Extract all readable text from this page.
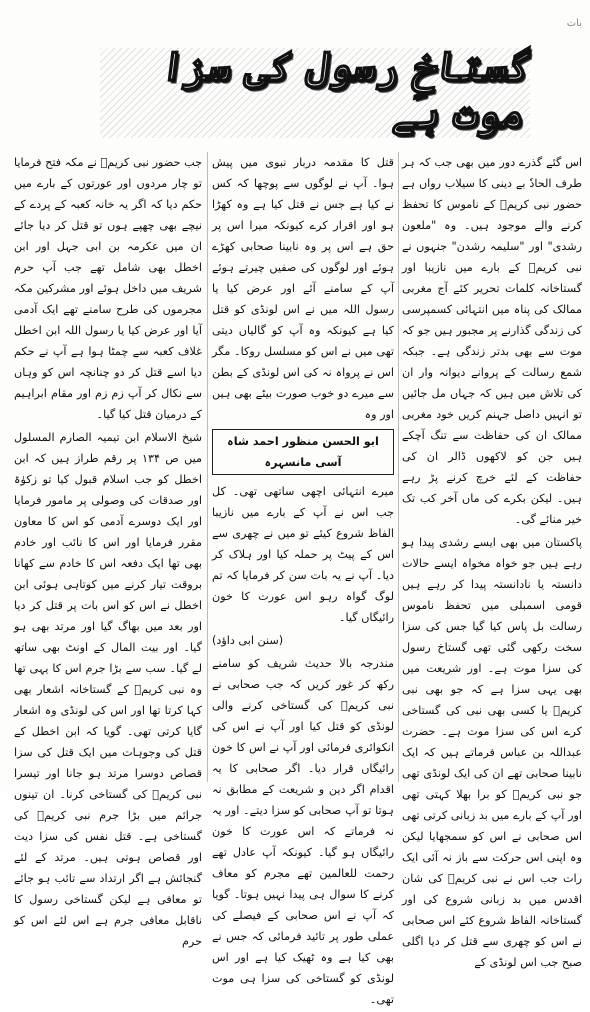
بات
گستاخِ رسول کی سزا موت ہے

اس گئے گذرے دور میں بھی جب کہ ہر طرف الحادٗ بے دینی کا سیلاب رواں ہے حضور نبی کریمؐ کے ناموس کا تحفظ کرنے والے موجود ہیں۔ وہ "ملعون رشدی" اور "سلیمہ رشدن" جنہوں نے نبی کریمؐ کے بارے میں نازیبا اور گستاخانہ کلمات تحریر کئے آج مغربی ممالک کی پناہ میں انتہائی کسمپرسی کی زندگی گذارنے پر مجبور ہیں جو کہ موت سے بھی بدتر زندگی ہے۔ جبکہ شمع رسالت کے پروانے دیوانہ وار ان کی تلاش میں ہیں کہ جہاں مل جائیں تو انہیں داصل جہنم کریں خود مغربی ممالک ان کی حفاظت سے تنگ آچکے ہیں جن کو لاکھوں ڈالر ان کی حفاظت کے لئے خرچ کرنے پڑ رہے ہیں۔ لیکن بکرے کی ماں آخر کب تک خیر منائے گی۔

پاکستان میں بھی ایسے رشدی پیدا ہو رہے ہیں جو خواہ مخواہ ایسے حالات دانستہ یا نادانستہ پیدا کر رہے ہیں قومی اسمبلی میں تحفظ ناموس رسالت بل پاس کیا گیا جس کی سزا سخت رکھی گئی تھی گستاخ رسول کی سزا موت ہے۔ اور شریعت میں بھی یہی سزا ہے کہ جو بھی نبی کریمؐ یا کسی بھی نبی کی گستاخی کرے اس کی سزا موت ہے۔ حضرت عبداللہ بن عباس فرماتے ہیں کہ ایک نابینا صحابی تھے ان کی ایک لونڈی تھی جو نبی کریمؐ کو برا بھلا کہتی تھی اور آپ کے بارے میں بد زبانی کرتی تھی اس صحابی نے اس کو سمجھایا لیکن وہ اپنی اس حرکت سے باز نہ آئی ایک رات جب اس نے نبی کریمؐ کی شان اقدس میں بد زبانی شروع کی اور گستاخانہ الفاظ شروع کئے اس صحابی نے اس کو چھری سے قتل کر دیا اگلی صبح جب اس لونڈی کے

قتل کا مقدمہ دربار نبوی میں پیش ہوا۔ آپ نے لوگوں سے پوچھا کہ کس نے کیا ہے جس نے قتل کیا ہے وہ کھڑا ہو اور اقرار کرے کیونکہ میرا اس پر حق ہے اس پر وہ نابینا صحابی کھڑے ہوئے اور لوگوں کی صفیں چیرتے ہوئے آپ کے سامنے آئے اور عرض کیا یا رسول اللہ میں نے اس لونڈی کو قتل کیا ہے کیونکہ وہ آپ کو گالیاں دیتی تھی میں نے اس کو مسلسل روکا۔ مگر اس نے پرواہ نہ کی اس لونڈی کے بطن سے میرے دو خوب صورت بیٹے بھی ہیں اور وہ

ابو الحسن منظور احمد شاہ آسی مانسہرہ

میرے انتہائی اچھی ساتھی تھی۔ کل جب اس نے آپ کے بارے میں نازیبا الفاظ شروع کیئے تو میں نے چھری سے اس کے پیٹ پر حملہ کیا اور ہلاک کر دیا۔ آپ نے یہ بات سن کر فرمایا کہ تم لوگ گواہ رہو اس عورت کا خون رائیگاں گیا۔

(سنن ابی داؤد)

مندرجہ بالا حدیث شریف کو سامنے رکھ کر غور کریں کہ جب صحابی نے نبی کریمؐ کی گستاخی کرنے والی لونڈی کو قتل کیا اور آپ نے اس کی انکوائری فرمائی اور آپ نے اس کا خون رائیگاں قرار دیا۔ اگر صحابی کا یہ اقدام اگر دین و شریعت کے مطابق نہ ہوتا تو آپ صحابی کو سزا دیتے۔ اور یہ نہ فرماتے کہ اس عورت کا خون رائیگاں ہو گیا۔ کیونکہ آپ عادل تھے رحمت للعالمین تھے مجرم کو معاف کرنے کا سوال ہی پیدا نہیں ہوتا۔ گویا کہ آپ نے اس صحابی کے فیصلے کی عملی طور پر تائید فرمائی کہ جس نے بھی کیا ہے وہ ٹھیک کیا ہے اور اس لونڈی کو گستاخی کی سزا ہی موت تھی۔

جب حضور نبی کریمؐ نے مکہ فتح فرمایا تو چار مردوں اور عورتوں کے بارے میں حکم دیا کہ اگر یہ خانہ کعبہ کے پردے کے نیچے بھی چھپے ہوں تو قتل کر دیا جائے ان میں عکرمہ بن ابی جہل اور ابن اخطل بھی شامل تھے جب آپ حرم شریف میں داخل ہوئے اور مشرکین مکہ مجرموں کی طرح سامنے تھے ایک آدمی آیا اور عرض کیا یا رسول اللہ ابن اخطل غلاف کعبہ سے چمٹا ہوا ہے آپ نے حکم دیا اسے قتل کر دو چنانچہ اس کو وہاں سے نکال کر آپ زم زم اور مقام ابراہیم کے درمیان قتل کیا گیا۔

شیخ الاسلام ابن تیمیہ الصارم المسلول میں ص ۱۳۴ پر رقم طراز ہیں کہ ابن اخطل کو جب اسلام قبول کیا تو زکوٰۃ اور صدقات کی وصولی پر مامور فرمایا اور ایک دوسرے آدمی کو اس کا معاون مقرر فرمایا اور اس کا نائب اور خادم بھی تھا ایک دفعہ اس کا خادم سے کھانا بروقت تیار کرنے میں کوتاہی ہوئی ابن اخطل نے اس کو اس بات پر قتل کر دیا اور بعد میں بھاگ گیا اور مرتد بھی ہو گیا۔ اور بیت المال کے اونٹ بھی ساتھ لے گیا۔ سب سے بڑا جرم اس کا یہی تھا وہ نبی کریمؐ کے گستاخانہ اشعار بھی کہا کرتا تھا اور اس کی لونڈی وہ اشعار گایا کرتی تھی۔ گویا کہ ابن اخطل کے قتل کی وجوہات میں ایک قتل کی سزا قصاص دوسرا مرتد ہو جانا اور تیسرا نبی کریمؐ کی گستاخی کرنا۔ ان تینوں جرائم میں بڑا جرم نبی کریمؐ کی گستاخی ہے۔ قتل نفس کی سزا دیت اور قصاص ہوتی ہیں۔ مرتد کے لئے گنجائش ہے اگر ارتداد سے تائب ہو جائے تو معافی ہے لیکن گستاخی رسول کا ناقابل معافی جرم ہے اس لئے اس کو حرم
